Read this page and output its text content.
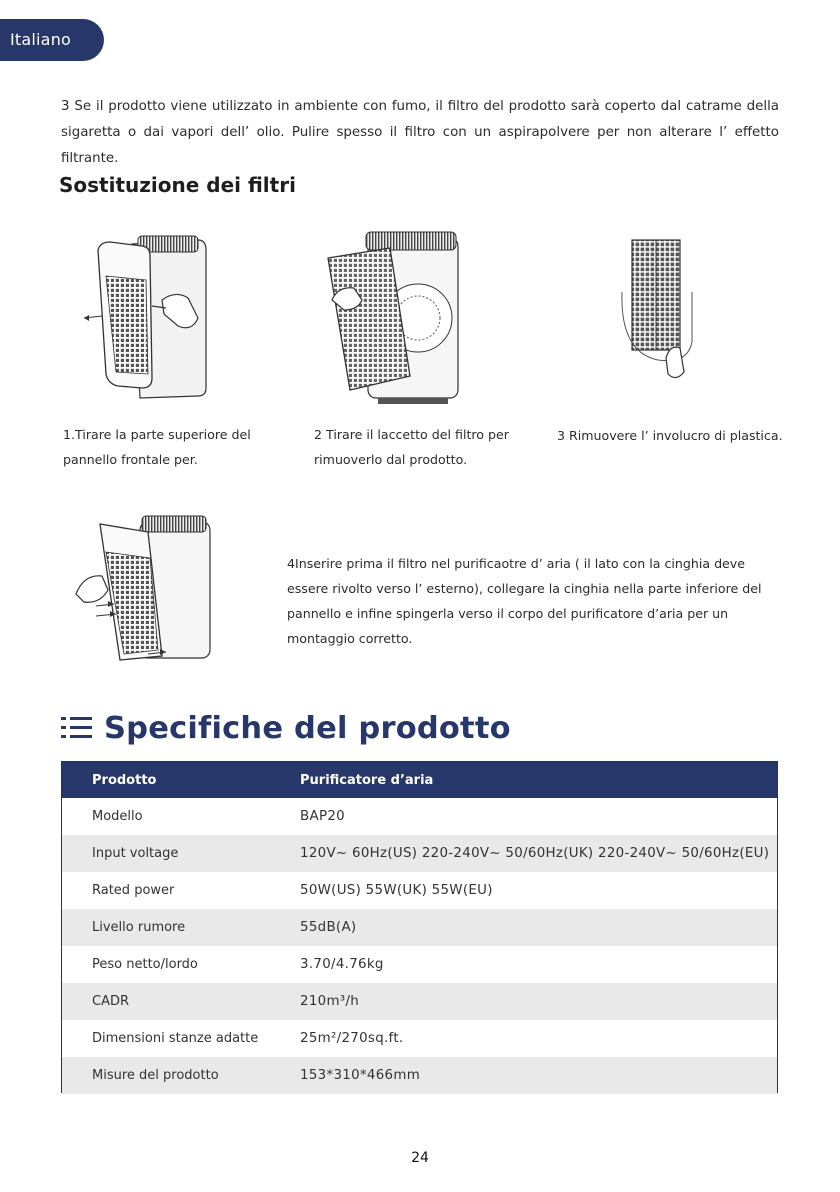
Italiano

3 Se il prodotto viene utilizzato in ambiente con fumo, il filtro del prodotto sarà coperto dal catrame della sigaretta o dai vapori dell’ olio. Pulire spesso il filtro con un aspirapolvere per non alterare l’ effetto filtrante.

Sostituzione dei filtri

1.Tirare la parte superiore del pannello frontale per.

2 Tirare il laccetto del filtro per rimuoverlo dal prodotto.

3 Rimuovere l’ involucro di plastica.

4Inserire prima il filtro nel purificaotre d’ aria ( il lato con la cinghia deve essere rivolto verso l’ esterno), collegare la cinghia nella parte inferiore del pannello e infine spingerla verso il corpo del purificatore d’aria per un montaggio corretto.

Specifiche del prodotto
Prodotto	Purificatore d’aria
Modello	BAP20
Input voltage	120V~ 60Hz(US) 220-240V~ 50/60Hz(UK) 220-240V~ 50/60Hz(EU)
Rated power	50W(US) 55W(UK) 55W(EU)
Livello rumore	55dB(A)
Peso netto/lordo	3.70/4.76kg
CADR	210m³/h
Dimensioni stanze adatte	25m²/270sq.ft.
Misure del prodotto	153*310*466mm
24
